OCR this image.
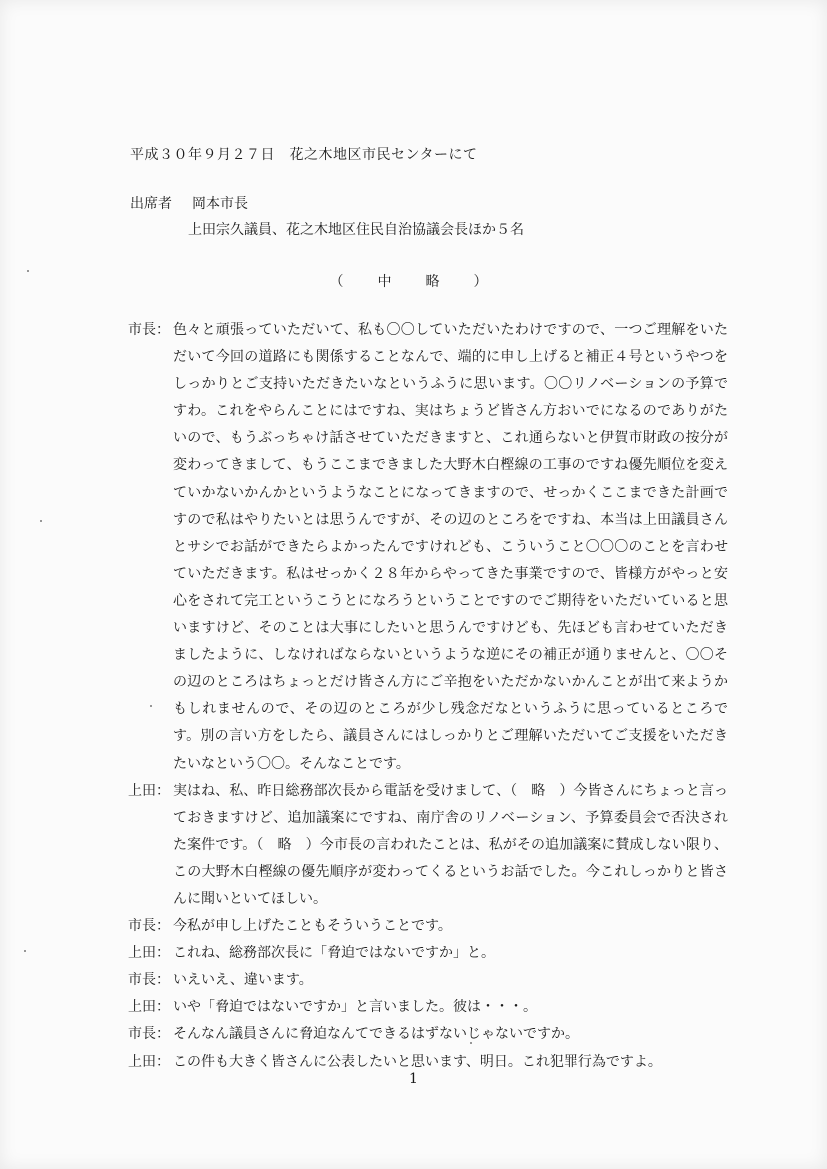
平成３０年９月２７日　花之木地区市民センターにて
出席者 岡本市長
上田宗久議員、花之木地区住民自治協議会長ほか５名
（　中　略　）
市長： 色々と頑張っていただいて、私も〇〇していただいたわけですので、一つご理解をいただいて今回の道路にも関係することなんで、端的に申し上げると補正４号というやつをしっかりとご支持いただきたいなというふうに思います。〇〇リノベーションの予算ですわ。これをやらんことにはですね、実はちょうど皆さん方おいでになるのでありがたいので、もうぶっちゃけ話させていただきますと、これ通らないと伊賀市財政の按分が変わってきまして、もうここまできました大野木白樫線の工事のですね優先順位を変えていかないかんかというようなことになってきますので、せっかくここまできた計画ですので私はやりたいとは思うんですが、その辺のところをですね、本当は上田議員さんとサシでお話ができたらよかったんですけれども、こういうこと〇〇〇のことを言わせていただきます。私はせっかく２８年からやってきた事業ですので、皆様方がやっと安心をされて完工というこうとになろうということですのでご期待をいただいていると思いますけど、そのことは大事にしたいと思うんですけども、先ほども言わせていただきましたように、しなければならないというような逆にその補正が通りませんと、〇〇その辺のところはちょっとだけ皆さん方にご辛抱をいただかないかんことが出て来ようかもしれませんので、その辺のところが少し残念だなというふうに思っているところです。別の言い方をしたら、議員さんにはしっかりとご理解いただいてご支援をいただきたいなという〇〇。そんなことです。
上田： 実はね、私、昨日総務部次長から電話を受けまして、（　略　）今皆さんにちょっと言っておきますけど、追加議案にですね、南庁舎のリノベーション、予算委員会で否決された案件です。（　略　）今市長の言われたことは、私がその追加議案に賛成しない限り、この大野木白樫線の優先順序が変わってくるというお話でした。今これしっかりと皆さんに聞いといてほしい。
市長： 今私が申し上げたこともそういうことです。
上田： これね、総務部次長に「脅迫ではないですか」と。
市長： いえいえ、違います。
上田： いや「脅迫ではないですか」と言いました。彼は・・・。
市長： そんなん議員さんに脅迫なんてできるはずないじゃないですか。
上田： この件も大きく皆さんに公表したいと思います、明日。これ犯罪行為ですよ。
1
